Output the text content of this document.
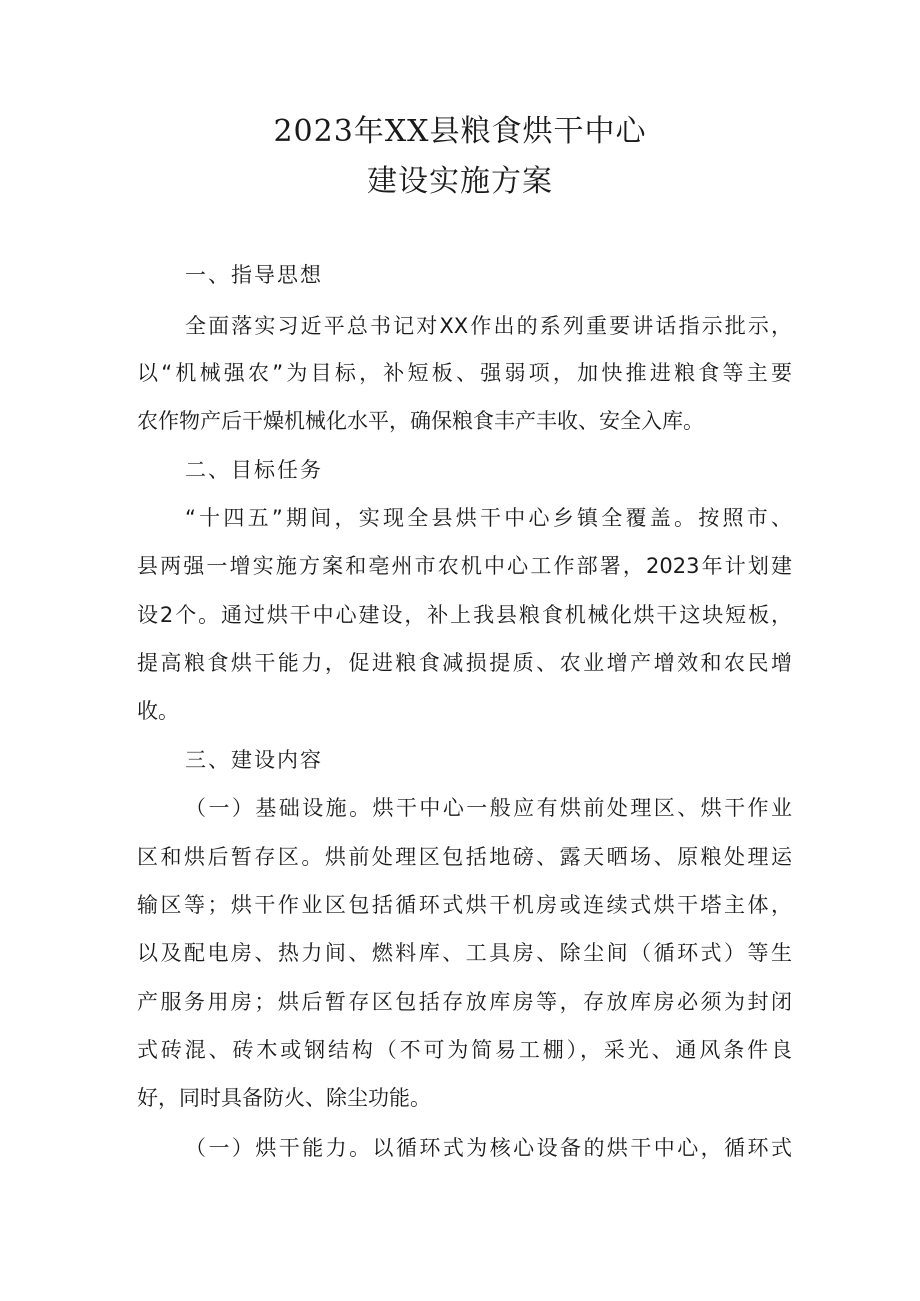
2023年XX县粮食烘干中心
建设实施方案
一、指导思想
全面落实习近平总书记对XX作出的系列重要讲话指示批示，
以“机械强农”为目标，补短板、强弱项，加快推进粮食等主要
农作物产后干燥机械化水平，确保粮食丰产丰收、安全入库。
二、目标任务
“十四五”期间，实现全县烘干中心乡镇全覆盖。按照市、
县两强一增实施方案和亳州市农机中心工作部署，2023年计划建
设2个。通过烘干中心建设，补上我县粮食机械化烘干这块短板，
提高粮食烘干能力，促进粮食减损提质、农业增产增效和农民增
收。
三、建设内容
（一）基础设施。烘干中心一般应有烘前处理区、烘干作业
区和烘后暂存区。烘前处理区包括地磅、露天晒场、原粮处理运
输区等；烘干作业区包括循环式烘干机房或连续式烘干塔主体，
以及配电房、热力间、燃料库、工具房、除尘间（循环式）等生
产服务用房；烘后暂存区包括存放库房等，存放库房必须为封闭
式砖混、砖木或钢结构（不可为简易工棚），采光、通风条件良
好，同时具备防火、除尘功能。
（一）烘干能力。以循环式为核心设备的烘干中心，循环式
